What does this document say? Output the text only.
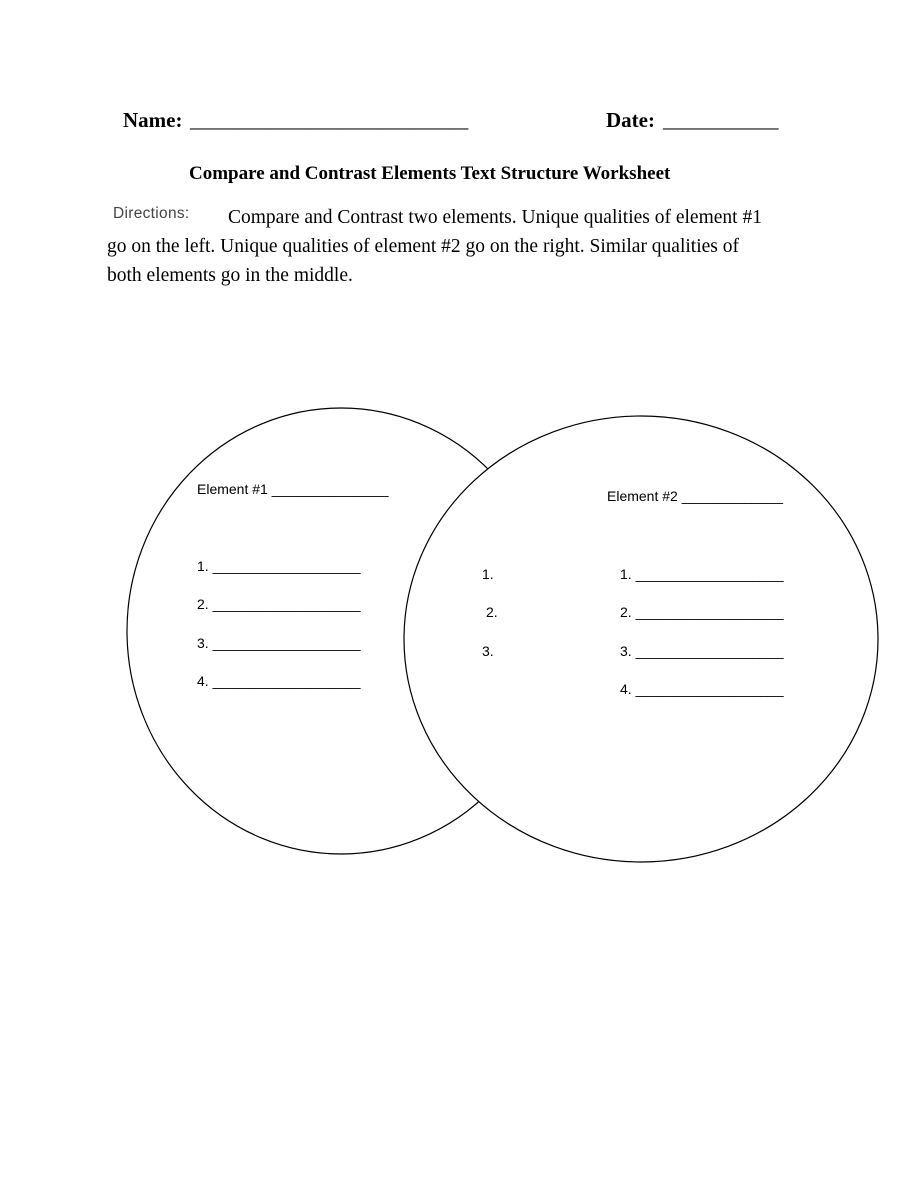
Name: ___________________________	Date: ___________
Compare and Contrast Elements Text Structure Worksheet
Directions: Compare and Contrast two elements. Unique qualities of element #1
go on the left. Unique qualities of element #2 go on the right. Similar qualities of
both elements go in the middle.
Element #1 _______________
1. ___________________
2. ___________________
3. ___________________
4. ___________________
1.
2.
3.
Element #2 _____________
1. ___________________
2. ___________________
3. ___________________
4. ___________________
